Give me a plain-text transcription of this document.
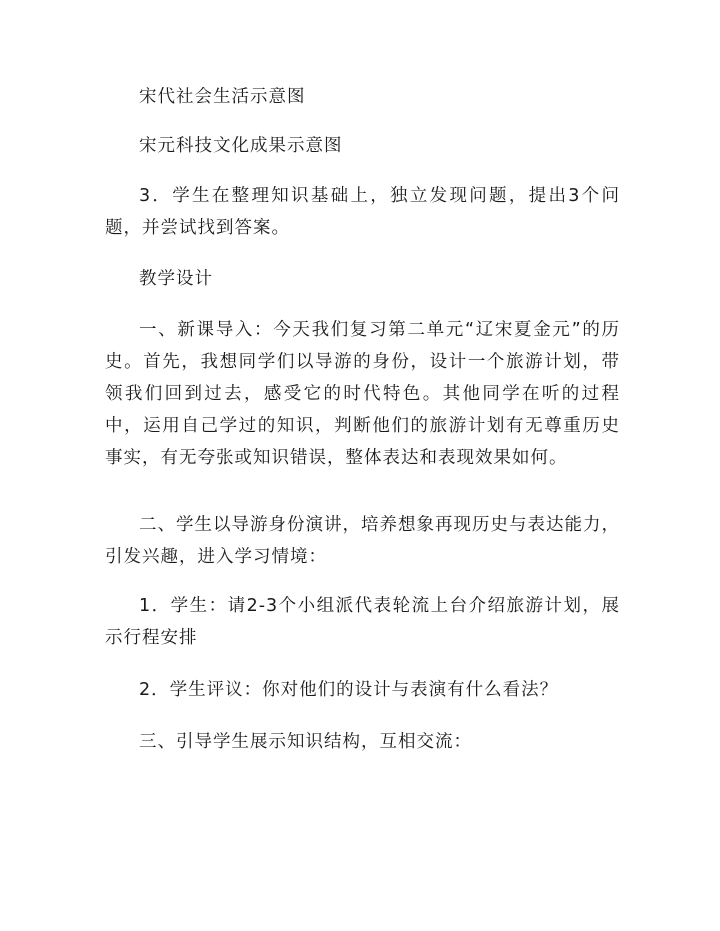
宋代社会生活示意图

宋元科技文化成果示意图

3．学生在整理知识基础上，独立发现问题，提出3个问题，并尝试找到答案。

教学设计

一、新课导入：今天我们复习第二单元“辽宋夏金元”的历史。首先，我想同学们以导游的身份，设计一个旅游计划，带领我们回到过去，感受它的时代特色。其他同学在听的过程中，运用自己学过的知识，判断他们的旅游计划有无尊重历史事实，有无夸张或知识错误，整体表达和表现效果如何。

二、学生以导游身份演讲，培养想象再现历史与表达能力，引发兴趣，进入学习情境：

1．学生：请2-3个小组派代表轮流上台介绍旅游计划，展示行程安排

2．学生评议：你对他们的设计与表演有什么看法？

三、引导学生展示知识结构，互相交流：
